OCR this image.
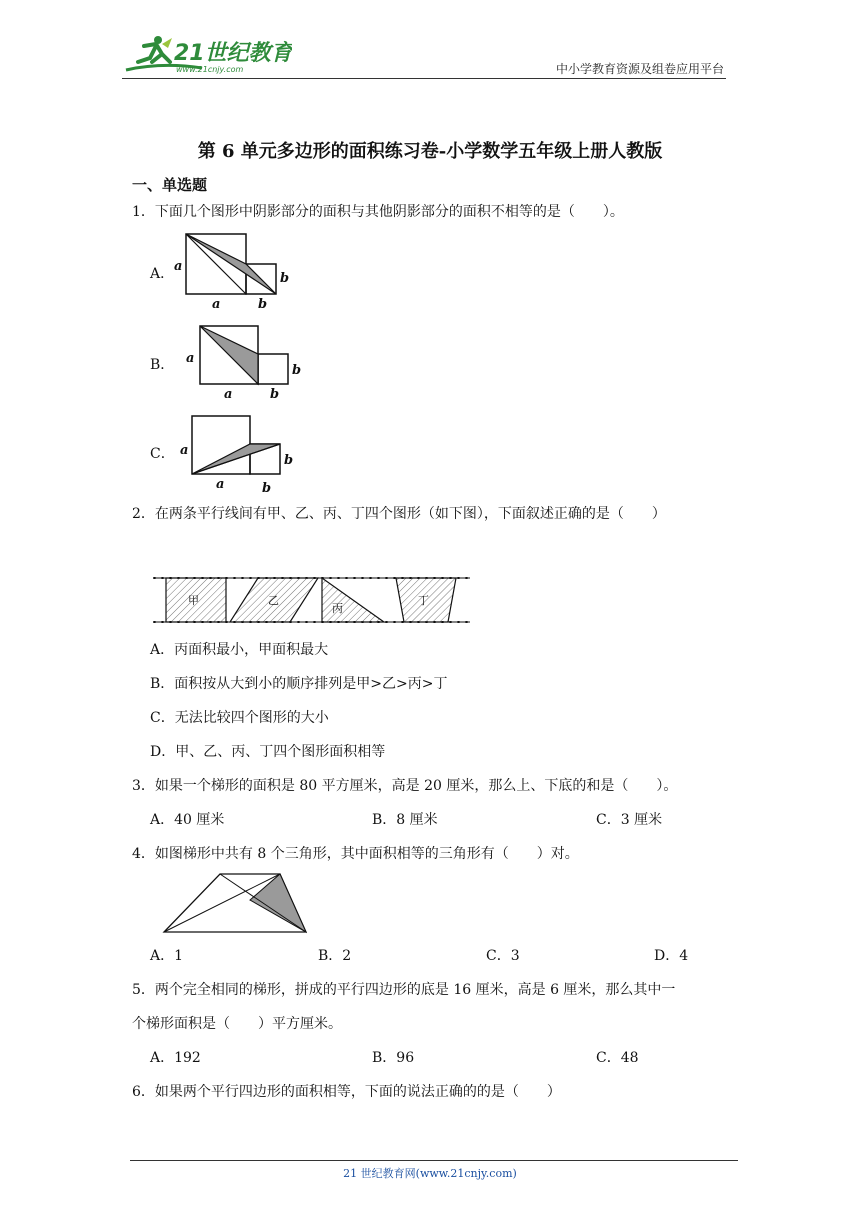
21世纪教育
www.21cnjy.com	中小学教育资源及组卷应用平台
第 6 单元多边形的面积练习卷-小学数学五年级上册人教版
一、单选题
1．下面几个图形中阴影部分的面积与其他阴影部分的面积不相等的是（　　）。
A． a
a
b
b
B． a
a
b
b
C． a
a
b
b
2．在两条平行线间有甲、乙、丙、丁四个图形（如下图），下面叙述正确的是（　　）
甲	乙
丙
丁
A．丙面积最小，甲面积最大
B．面积按从大到小的顺序排列是甲>乙>丙>丁
C．无法比较四个图形的大小
D．甲、乙、丙、丁四个图形面积相等
3．如果一个梯形的面积是 80 平方厘米，高是 20 厘米，那么上、下底的和是（　　）。
A．40 厘米	B．8 厘米	C．3 厘米
4．如图梯形中共有 8 个三角形，其中面积相等的三角形有（　　）对。
A．1	B．2	C．3	D．4
5．两个完全相同的梯形，拼成的平行四边形的底是 16 厘米，高是 6 厘米，那么其中一
个梯形面积是（　　）平方厘米。
A．192	B．96	C．48
6．如果两个平行四边形的面积相等，下面的说法正确的的是（　　）
21 世纪教育网(www.21cnjy.com)
